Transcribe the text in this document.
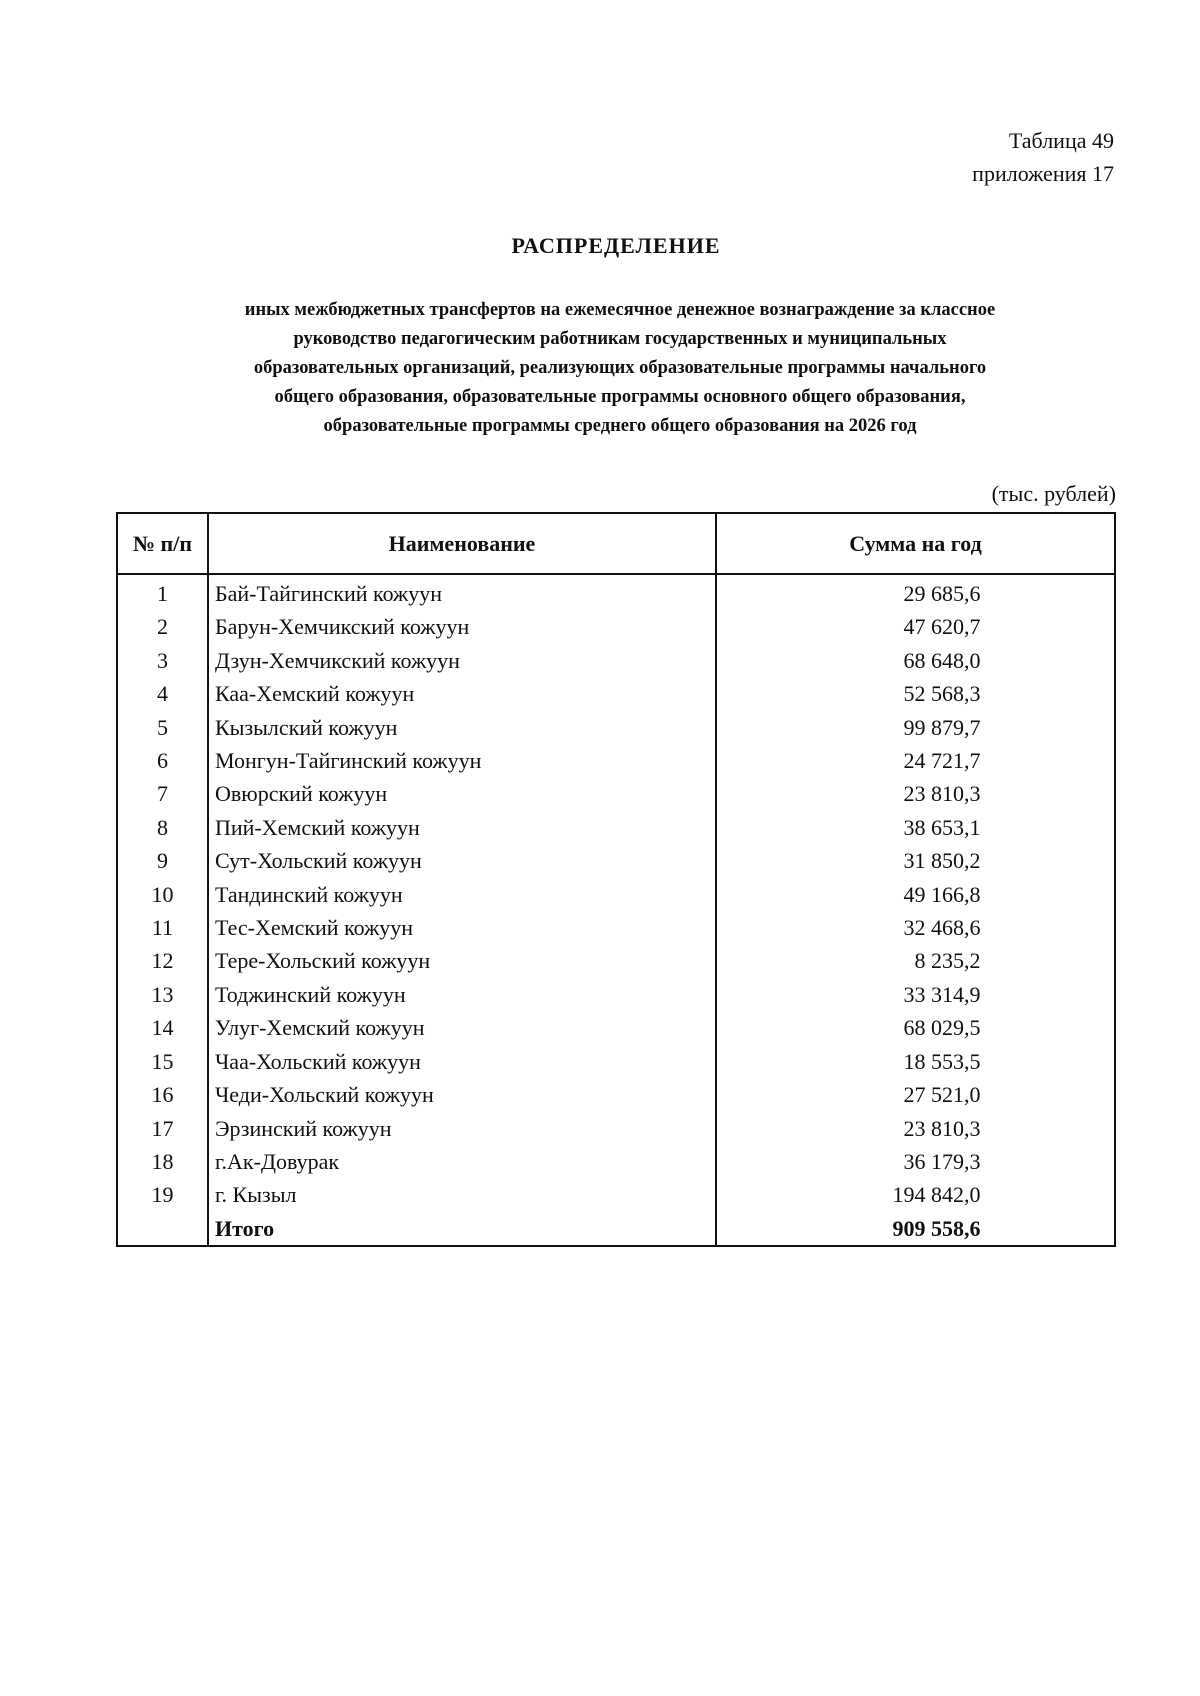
Таблица 49
приложения 17
РАСПРЕДЕЛЕНИЕ
иных межбюджетных трансфертов на ежемесячное денежное вознаграждение за классное
руководство педагогическим работникам государственных и муниципальных
образовательных организаций, реализующих образовательные программы начального
общего образования, образовательные программы основного общего образования,
образовательные программы среднего общего образования на 2026 год
(тыс. рублей)
№ п/п	Наименование	Сумма на год
1	Бай-Тайгинский кожуун	29 685,6
2	Барун-Хемчикский кожуун	47 620,7
3	Дзун-Хемчикский кожуун	68 648,0
4	Каа-Хемский кожуун	52 568,3
5	Кызылский кожуун	99 879,7
6	Монгун-Тайгинский кожуун	24 721,7
7	Овюрский кожуун	23 810,3
8	Пий-Хемский кожуун	38 653,1
9	Сут-Хольский кожуун	31 850,2
10	Тандинский кожуун	49 166,8
11	Тес-Хемский кожуун	32 468,6
12	Тере-Хольский кожуун	8 235,2
13	Тоджинский кожуун	33 314,9
14	Улуг-Хемский кожуун	68 029,5
15	Чаа-Хольский кожуун	18 553,5
16	Чеди-Хольский кожуун	27 521,0
17	Эрзинский кожуун	23 810,3
18	г.Ак-Довурак	36 179,3
19	г. Кызыл	194 842,0
	Итого	909 558,6
